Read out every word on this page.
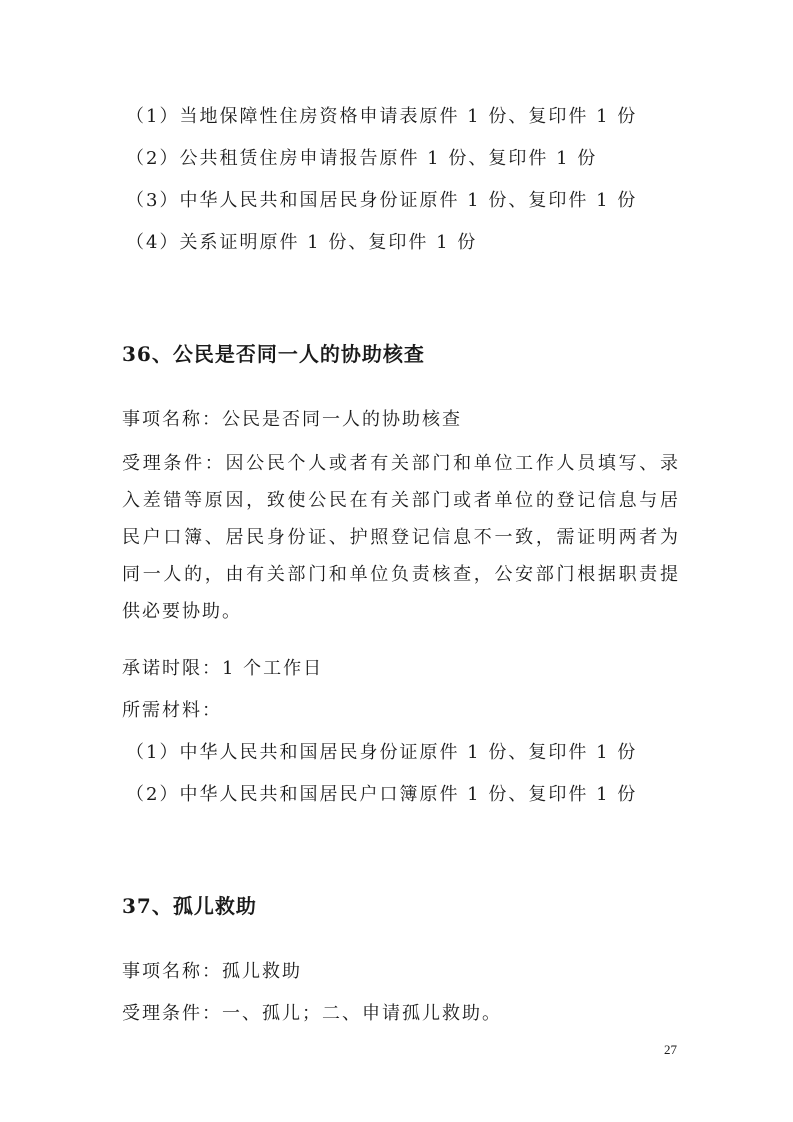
（1）当地保障性住房资格申请表原件 1 份、复印件 1 份
（2）公共租赁住房申请报告原件 1 份、复印件 1 份
（3）中华人民共和国居民身份证原件 1 份、复印件 1 份
（4）关系证明原件 1 份、复印件 1 份
36、公民是否同一人的协助核查
事项名称：公民是否同一人的协助核查
受理条件：因公民个人或者有关部门和单位工作人员填写、录入差错等原因，致使公民在有关部门或者单位的登记信息与居民户口簿、居民身份证、护照登记信息不一致，需证明两者为同一人的，由有关部门和单位负责核查，公安部门根据职责提供必要协助。
承诺时限：1 个工作日
所需材料：
（1）中华人民共和国居民身份证原件 1 份、复印件 1 份
（2）中华人民共和国居民户口簿原件 1 份、复印件 1 份
37、孤儿救助
事项名称：孤儿救助
受理条件：一、孤儿；二、申请孤儿救助。
27
